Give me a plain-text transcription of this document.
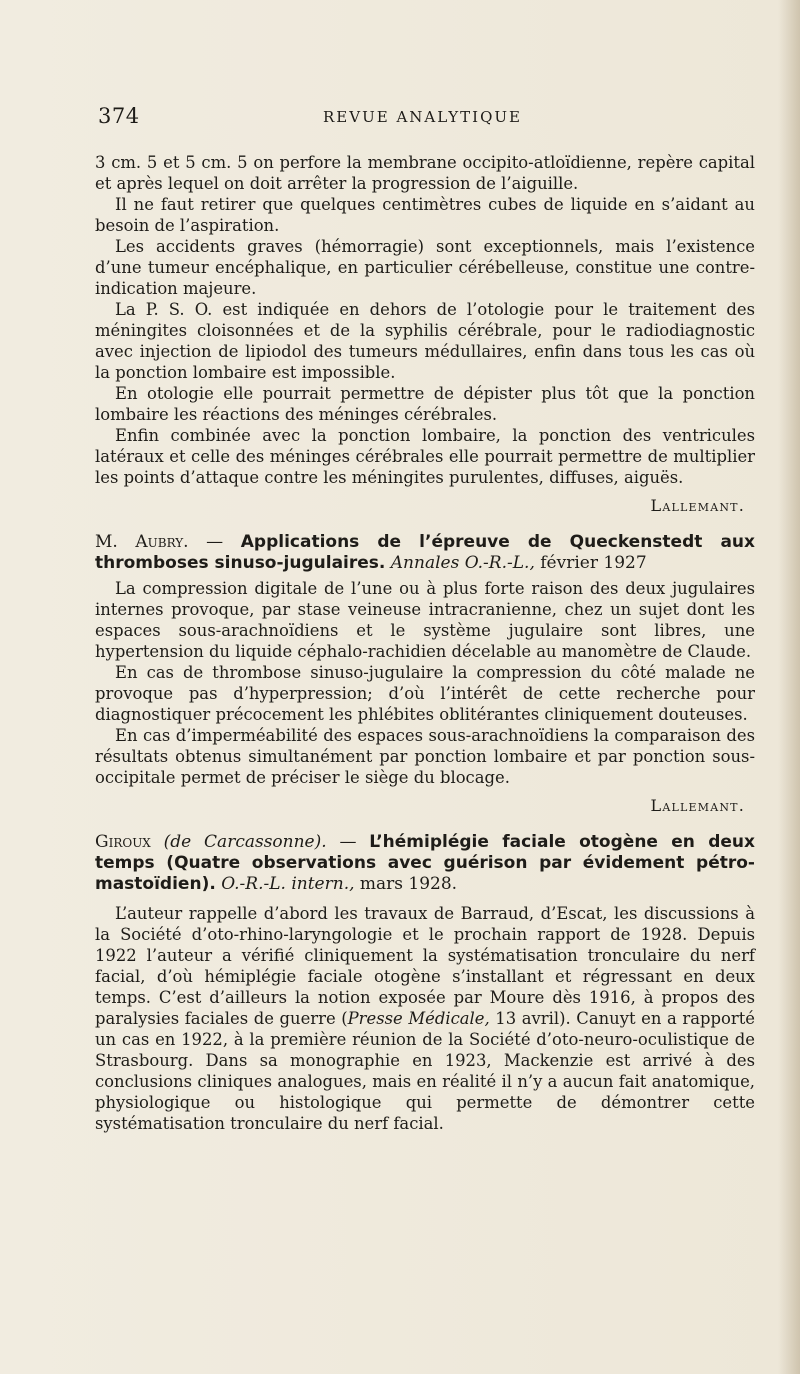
374	REVUE ANALYTIQUE

3 cm. 5 et 5 cm. 5 on perfore la membrane occipito-atloïdienne, repère capital et après lequel on doit arrêter la progression de l’aiguille.

Il ne faut retirer que quelques centimètres cubes de liquide en s’aidant au besoin de l’aspiration.

Les accidents graves (hémorragie) sont exceptionnels, mais l’existence d’une tumeur encéphalique, en particulier cérébelleuse, constitue une contre-indication majeure.

La P. S. O. est indiquée en dehors de l’otologie pour le traitement des méningites cloisonnées et de la syphilis cérébrale, pour le radiodiagnostic avec injection de lipiodol des tumeurs médullaires, enfin dans tous les cas où la ponction lombaire est impossible.

En otologie elle pourrait permettre de dépister plus tôt que la ponction lombaire les réactions des méninges cérébrales.

Enfin combinée avec la ponction lombaire, la ponction des ventricules latéraux et celle des méninges cérébrales elle pourrait permettre de multiplier les points d’attaque contre les méningites purulentes, diffuses, aiguës.

Lallemant.
M. Aubry. — Applications de l’épreuve de Queckenstedt aux thromboses sinuso-jugulaires. Annales O.-R.-L., février 1927

La compression digitale de l’une ou à plus forte raison des deux jugulaires internes provoque, par stase veineuse intracranienne, chez un sujet dont les espaces sous-arachnoïdiens et le système jugulaire sont libres, une hypertension du liquide céphalo-rachidien décelable au manomètre de Claude.

En cas de thrombose sinuso-jugulaire la compression du côté malade ne provoque pas d’hyperpression; d’où l’intérêt de cette recherche pour diagnostiquer précocement les phlébites oblitérantes cliniquement douteuses.

En cas d’imperméabilité des espaces sous-arachnoïdiens la comparaison des résultats obtenus simultanément par ponction lombaire et par ponction sous-occipitale permet de préciser le siège du blocage.

Lallemant.
Giroux (de Carcassonne). — L’hémiplégie faciale otogène en deux temps (Quatre observations avec guérison par évidement pétro-mastoïdien). O.-R.-L. intern., mars 1928.

L’auteur rappelle d’abord les travaux de Barraud, d’Escat, les discussions à la Société d’oto-rhino-laryngologie et le prochain rapport de 1928. Depuis 1922 l’auteur a vérifié cliniquement la systématisation tronculaire du nerf facial, d’où hémiplégie faciale otogène s’installant et régressant en deux temps. C’est d’ailleurs la notion exposée par Moure dès 1916, à propos des paralysies faciales de guerre (Presse Médicale, 13 avril). Canuyt en a rapporté un cas en 1922, à la première réunion de la Société d’oto-neuro-oculistique de Strasbourg. Dans sa monographie en 1923, Mackenzie est arrivé à des conclusions cliniques analogues, mais en réalité il n’y a aucun fait anatomique, physiologique ou histologique qui permette de démontrer cette systématisation tronculaire du nerf facial.
